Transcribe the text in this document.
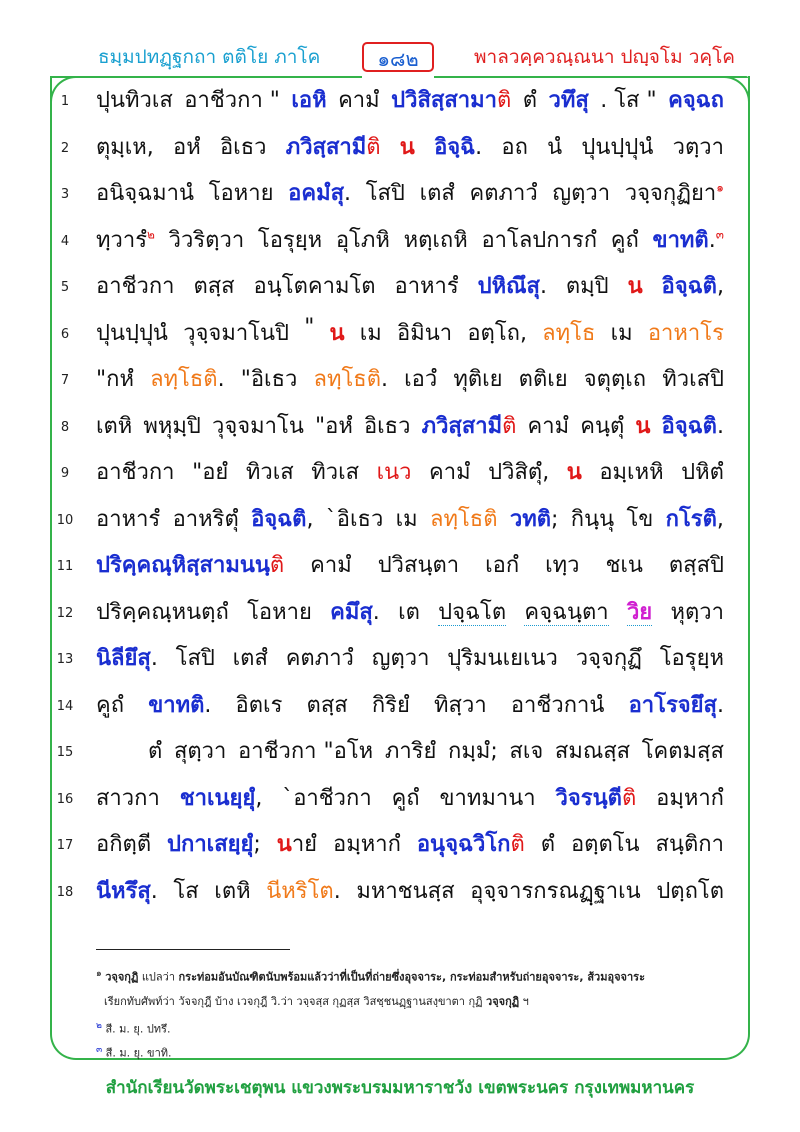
ธมฺมปทฏฺฐกถา ตติโย ภาโค	๑๘๒	พาลวคฺควณฺณนา ปญฺจโม วคฺโค
1	ปุนทิวเส อาชีวกา " เอหิ คามํ ปวิสิสฺสามาติ ตํ วทึสุ . โส " คจฺฉถ
2	ตุมฺเห, อหํ อิเธว ภวิสฺสามีติ น อิจฺฉิ. อถ นํ ปุนปฺปุนํ วตฺวา
3	อนิจฺฉมานํ โอหาย อคมํสุ. โสปิ เตสํ คตภาวํ ญตฺวา วจฺจกุฏิยา$^๑$
4	ทฺวารํ$^๒$ วิวริตฺวา โอรุยฺห อุโภหิ หตฺเถหิ อาโลปการกํ คูถํ ขาทติ.$^๓$
5	อาชีวกา ตสฺส อนฺโตคามโต อาหารํ ปหิณึสุ. ตมฺปิ น อิจฺฉติ,
6	ปุนปฺปุนํ วุจฺจมาโนปิ " น เม อิมินา อตฺโถ, ลทฺโธ เม อาหาโร
7	"กหํ ลทฺโธติ. "อิเธว ลทฺโธติ. เอวํ ทุติเย ตติเย จตุตฺเถ ทิวเสปิ
8	เตหิ พหุมฺปิ วุจฺจมาโน "อหํ อิเธว ภวิสฺสามีติ คามํ คนฺตุํ น อิจฺฉติ.
9	อาชีวกา "อยํ ทิวเส ทิวเส เนว คามํ ปวิสิตุํ, น อมฺเหหิ ปหิตํ
10 อาหารํ อาหริตุํ อิจฺฉติ, `อิเธว เม ลทฺโธติ วทติ; กินฺนุ โข กโรติ,
11 ปริคฺคณฺหิสฺสามนนฺติ คามํ ปวิสนฺตา เอกํ เทฺว ชเน ตสฺสปิ
12 ปริคฺคณฺหนตฺถํ โอหาย คมึสุ. เต ปจฺฉโต คจฺฉนฺตา วิย หุตฺวา
13 นิลียึสุ. โสปิ เตสํ คตภาวํ ญตฺวา ปุริมนเยเนว วจฺจกุฏึ โอรุยฺห
14 คูถํ ขาทติ. อิตเร ตสฺส กิริยํ ทิสฺวา อาชีวกานํ อาโรจยึสุ.
15	ตํ สุตฺวา อาชีวกา "อโห ภาริยํ กมฺมํ; สเจ สมณสฺส โคตมสฺส
16 สาวกา ชาเนยฺยุํ, `อาชีวกา คูถํ ขาทมานา วิจรนฺตีติ อมฺหากํ
17 อกิตฺตี ปกาเสยฺยุํ; นายํ อมฺหากํ อนุจฺฉวิโกติ ตํ อตฺตโน สนฺติกา
18 นีหรึสุ. โส เตหิ นีหริโต. มหาชนสฺส อุจฺจารกรณฏฺฐาเน ปตฺถโต
$^๑$ วจฺจกุฏิ แปลว่า กระท่อมอันบัณฑิตนับพร้อมแล้วว่าที่เป็นที่ถ่ายซึ่งอุจจาระ, กระท่อมสำหรับถ่ายอุจจาระ, ส้วมอุจจาระ
เรียกทับศัพท์ว่า วัจจกุฎี บ้าง เวจกุฎี วิ.ว่า วจฺจสฺส กุฏสฺส วิสชฺชนฏฺฐานสงฺขาตา กุฏิ วจฺจกุฏิ ฯ
$^๒$ สี. ม. ยุ. ปทรึ.
$^๓$ สี. ม. ยุ. ขาทิ.
สำนักเรียนวัดพระเชตุพน แขวงพระบรมมหาราชวัง เขตพระนคร กรุงเทพมหานคร
